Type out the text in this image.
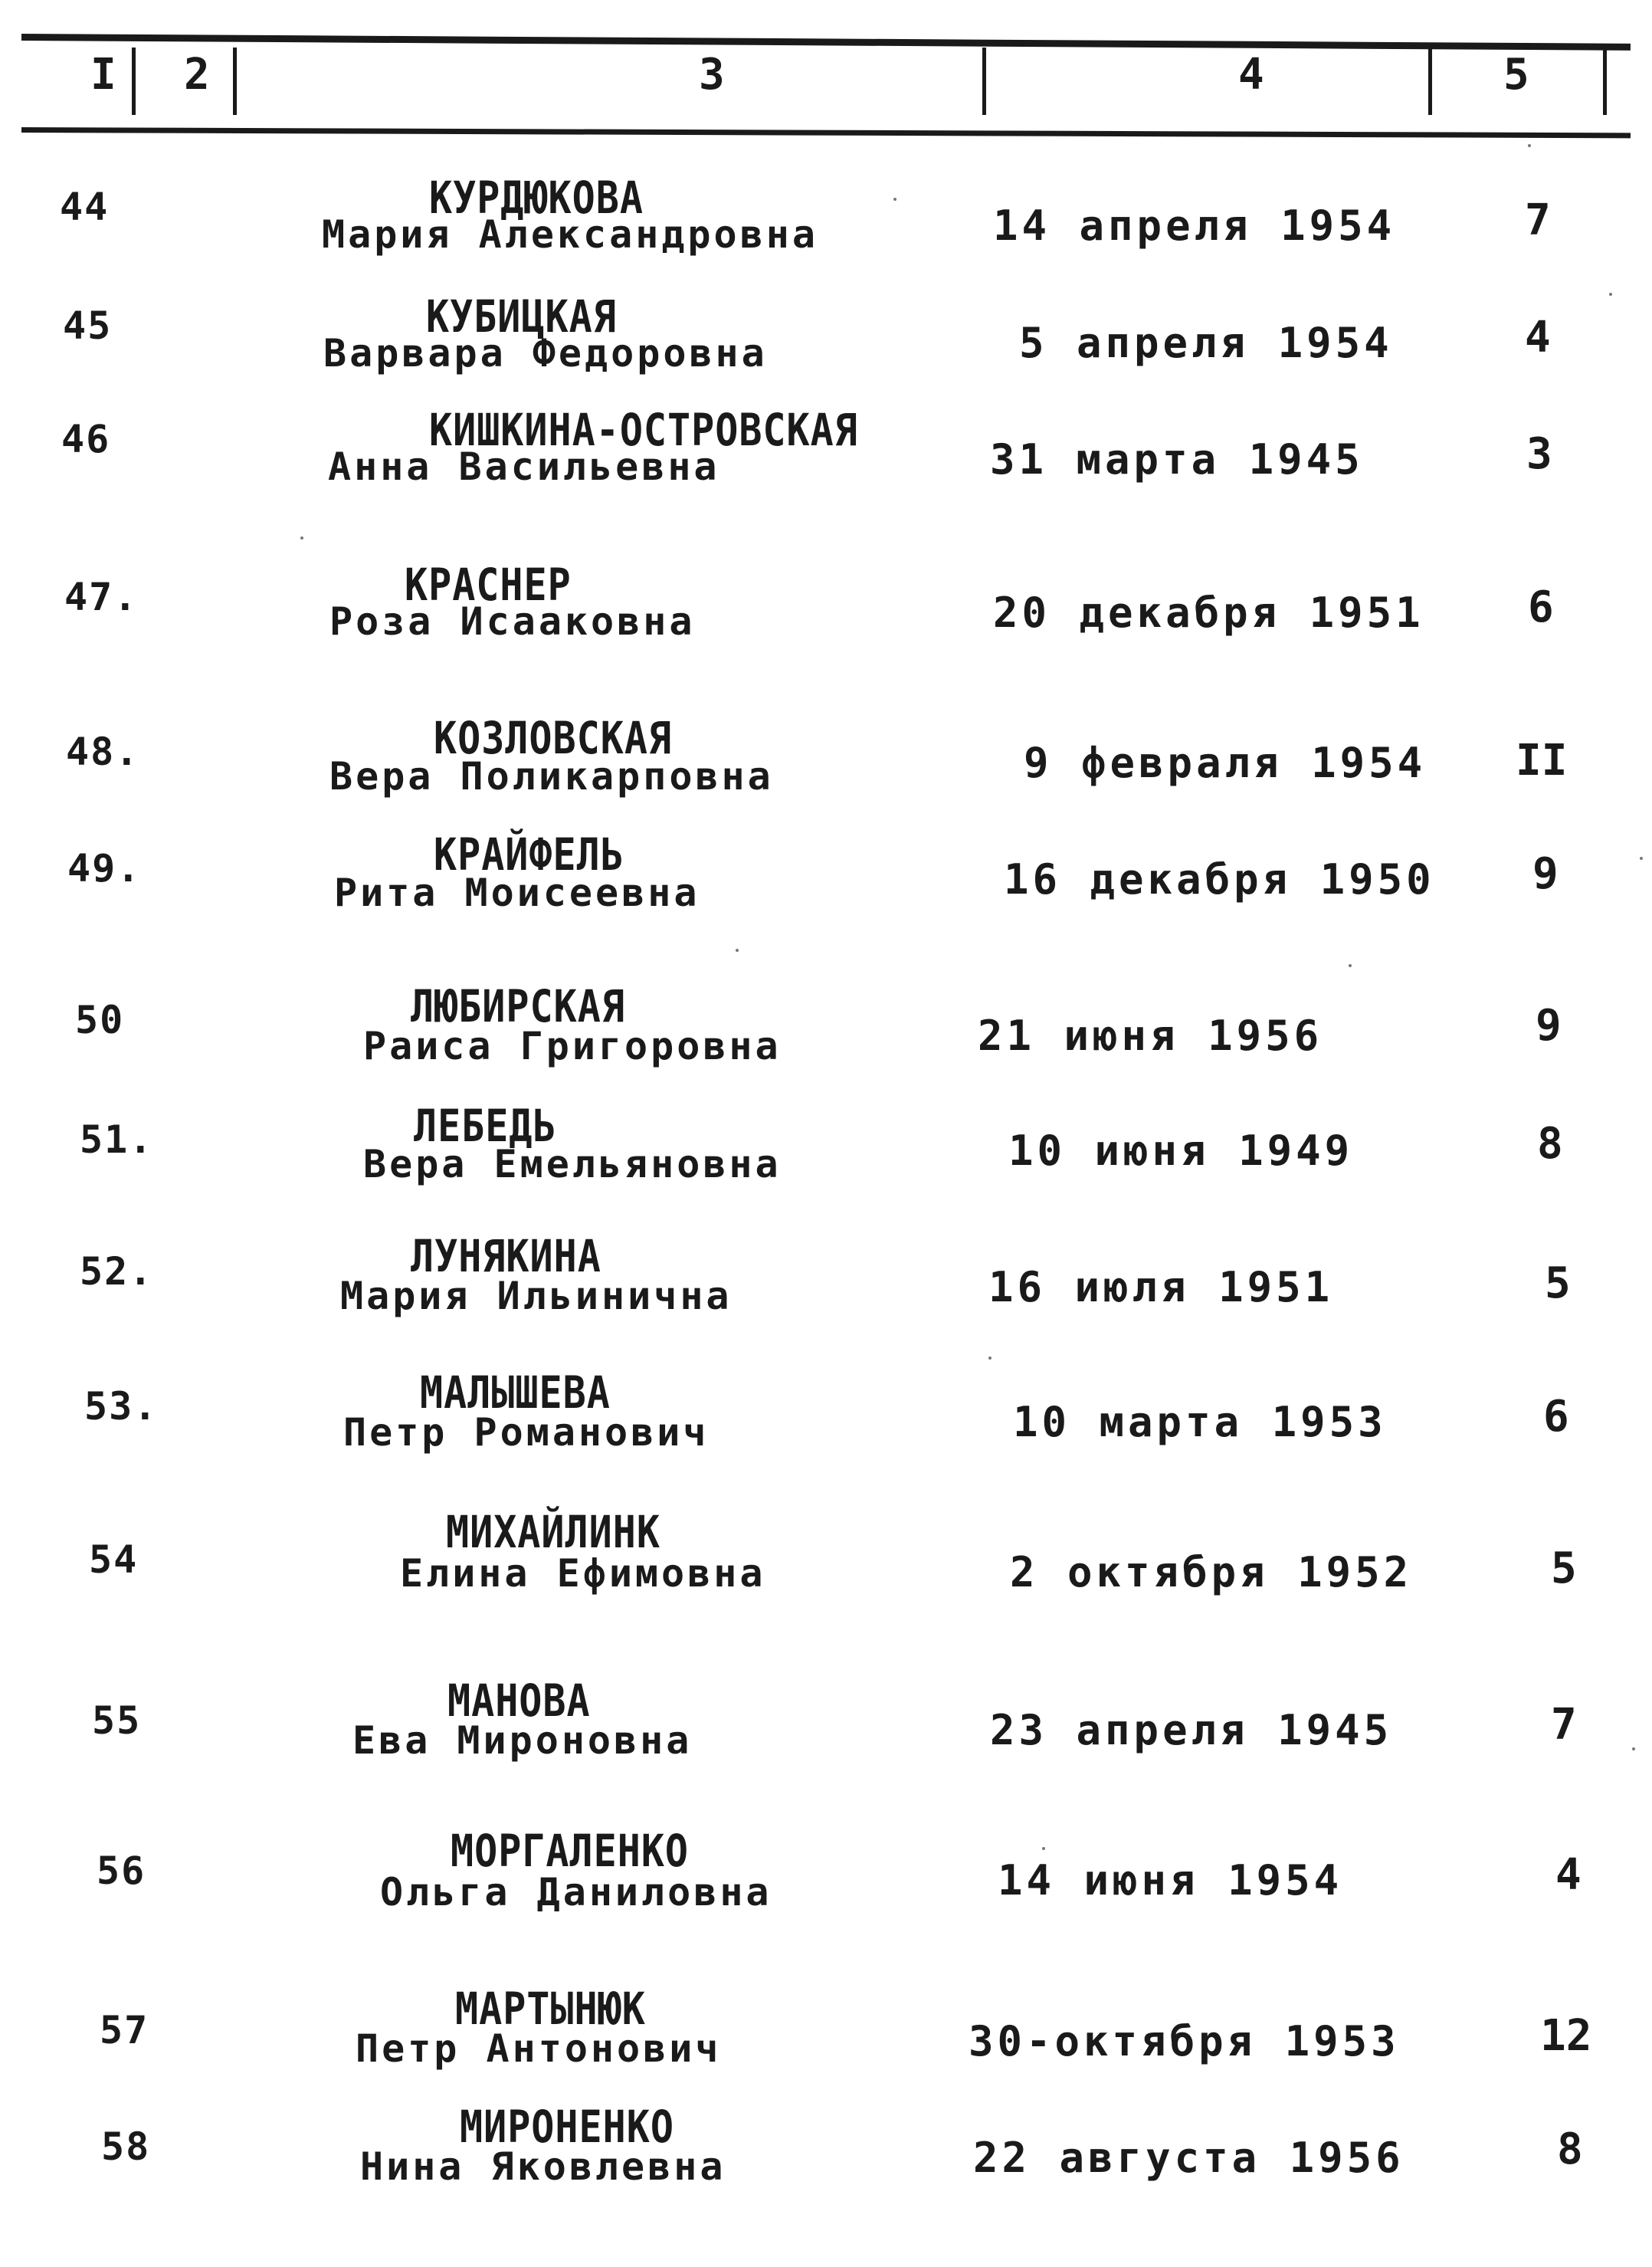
I 2	3	4	5
44	КУРДЮКОВА
Мария Александровна	14 апреля 1954	7
45	КУБИЦКАЯ
Варвара Федоровна	5 апреля 1954	4
46	КИШКИНА-ОСТРОВСКАЯ
Анна Васильевна	31 марта 1945	3
47.	КРАСНЕР
Роза Исааковна	20 декабря 1951 6
48.	КОЗЛОВСКАЯ
Вера Поликарповна	9 февраля 1954 II
49.	КРАЙФЕЛЬ
Рита Моисеевна	16 декабря 1950 9
50	ЛЮБИРСКАЯ
Раиса Григоровна	21 июня 1956	9
51.	ЛЕБЕДЬ
Вера Емельяновна	10 июня 1949	8
52.	ЛУНЯКИНА
Мария Ильинична	16 июля 1951	5
53.	МАЛЫШЕВА
Петр Романович	10 марта 1953	6
54
МИХАЙЛИНК
Елина Ефимовна	2 октября 1952	5
55	МАНОВА
Ева Мироновна	23 апреля 1945	7
56	МОРГАЛЕНКО
Ольга Даниловна	14 июня 1954	4
57	МАРТЫНЮК
Петр Антонович	30-октября 1953	12
58	МИРОНЕНКО
Нина Яковлевна	22 августа 1956	8
